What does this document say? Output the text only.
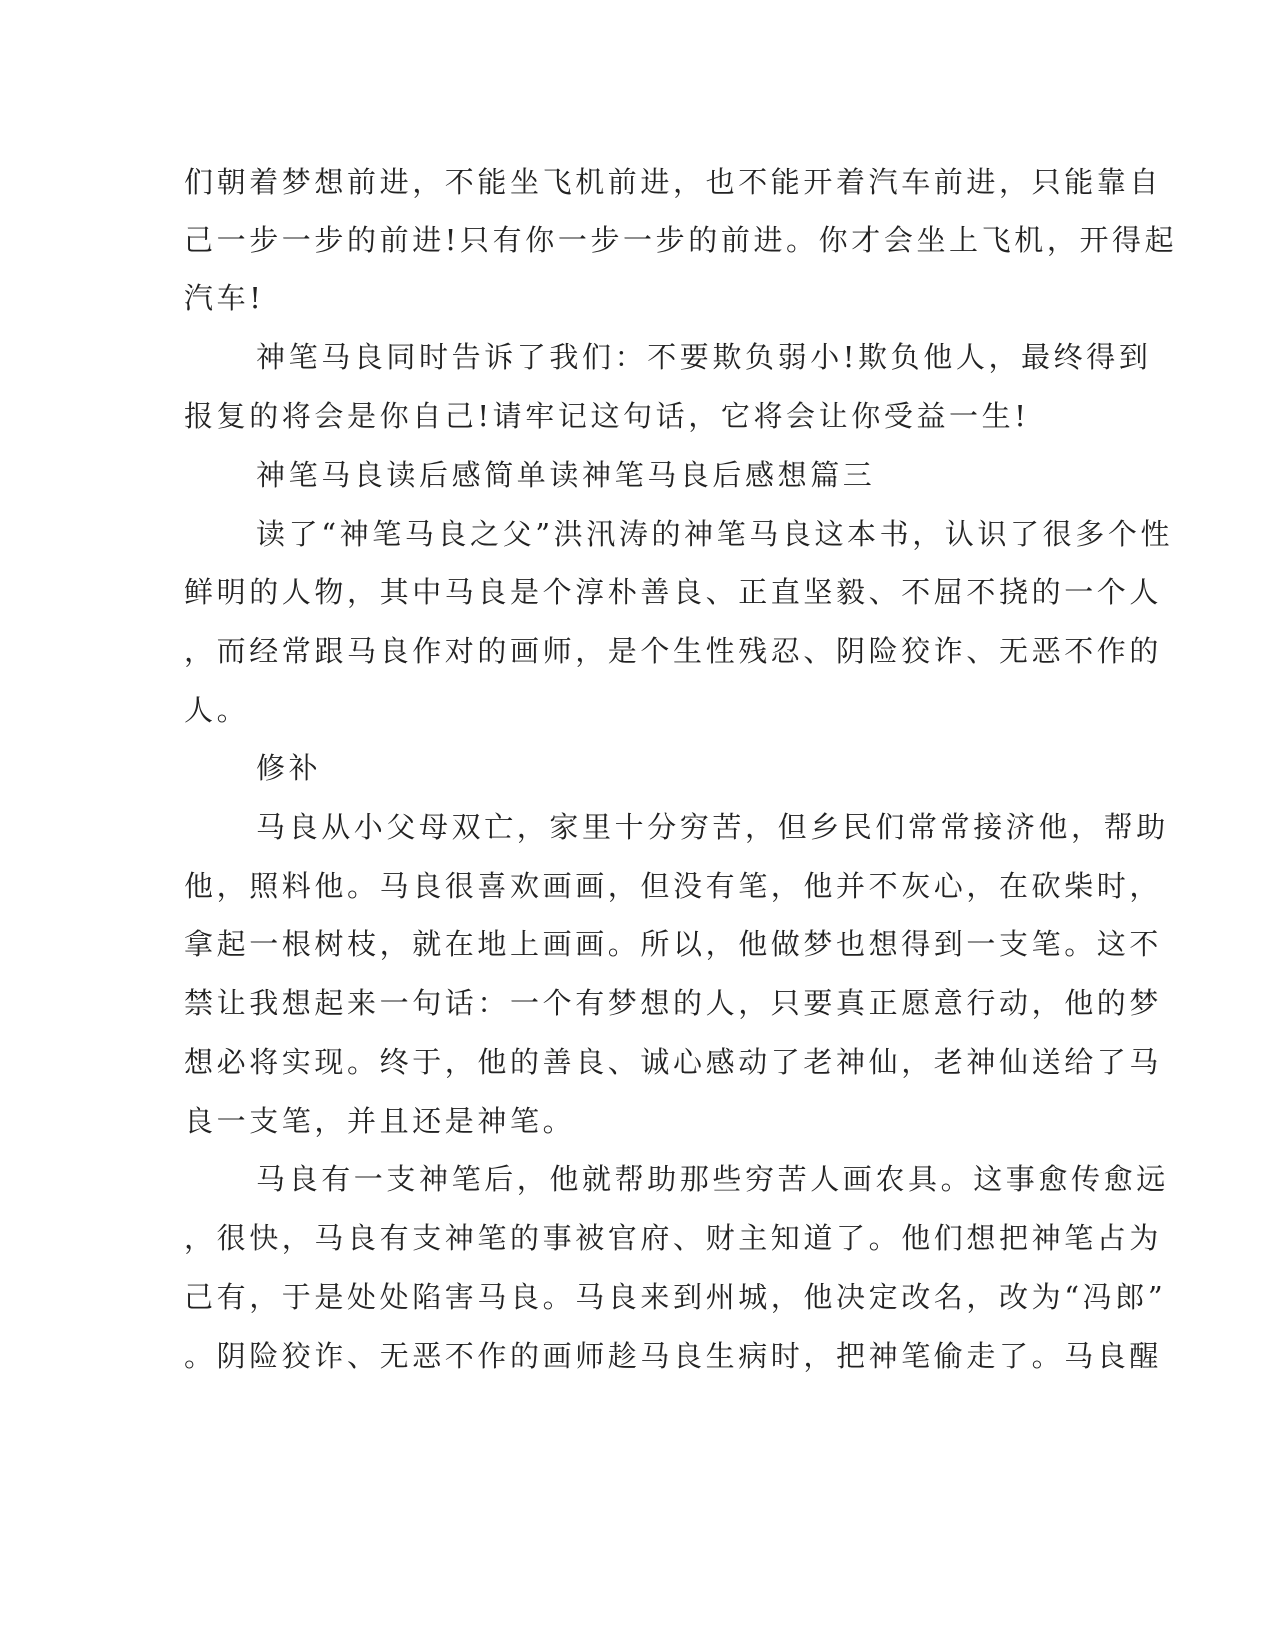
们朝着梦想前进，不能坐飞机前进，也不能开着汽车前进，只能靠自
己一步一步的前进!只有你一步一步的前进。你才会坐上飞机，开得起
汽车!
神笔马良同时告诉了我们：不要欺负弱小!欺负他人，最终得到
报复的将会是你自己!请牢记这句话，它将会让你受益一生!
神笔马良读后感简单读神笔马良后感想篇三
读了“神笔马良之父”洪汛涛的神笔马良这本书，认识了很多个性
鲜明的人物，其中马良是个淳朴善良、正直坚毅、不屈不挠的一个人
，而经常跟马良作对的画师，是个生性残忍、阴险狡诈、无恶不作的
人。
修补
马良从小父母双亡，家里十分穷苦，但乡民们常常接济他，帮助
他，照料他。马良很喜欢画画，但没有笔，他并不灰心，在砍柴时，
拿起一根树枝，就在地上画画。所以，他做梦也想得到一支笔。这不
禁让我想起来一句话：一个有梦想的人，只要真正愿意行动，他的梦
想必将实现。终于，他的善良、诚心感动了老神仙，老神仙送给了马
良一支笔，并且还是神笔。
马良有一支神笔后，他就帮助那些穷苦人画农具。这事愈传愈远
，很快，马良有支神笔的事被官府、财主知道了。他们想把神笔占为
己有，于是处处陷害马良。马良来到州城，他决定改名，改为“冯郎”
。阴险狡诈、无恶不作的画师趁马良生病时，把神笔偷走了。马良醒
